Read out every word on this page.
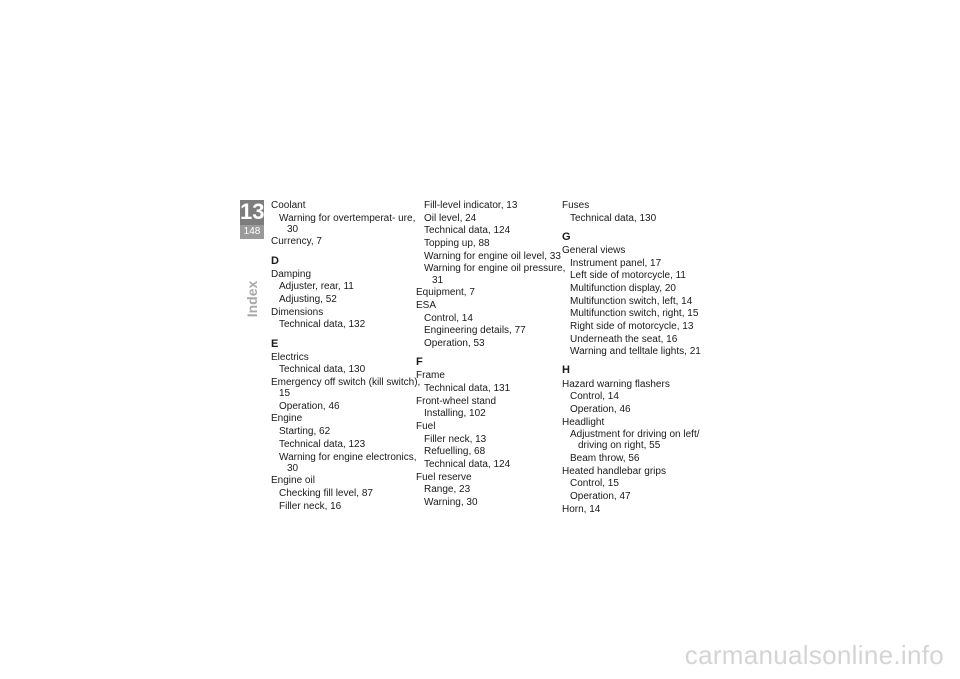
13
148
Index
Coolant
Warning for overtemperat- ure, 30
Currency, 7
D
Damping
Adjuster, rear, 11
Adjusting, 52
Dimensions
Technical data, 132
E
Electrics
Technical data, 130
Emergency off switch (kill switch), 15
Operation, 46
Engine
Starting, 62
Technical data, 123
Warning for engine electronics, 30
Engine oil
Checking fill level, 87
Filler neck, 16
Fill-level indicator, 13
Oil level, 24
Technical data, 124
Topping up, 88
Warning for engine oil level, 33
Warning for engine oil pressure, 31
Equipment, 7
ESA
Control, 14
Engineering details, 77
Operation, 53
F
Frame
Technical data, 131
Front-wheel stand
Installing, 102
Fuel
Filler neck, 13
Refuelling, 68
Technical data, 124
Fuel reserve
Range, 23
Warning, 30
Fuses
Technical data, 130
G
General views
Instrument panel, 17
Left side of motorcycle, 11
Multifunction display, 20
Multifunction switch, left, 14
Multifunction switch, right, 15
Right side of motorcycle, 13
Underneath the seat, 16
Warning and telltale lights, 21
H
Hazard warning flashers
Control, 14
Operation, 46
Headlight
Adjustment for driving on left/ driving on right, 55
Beam throw, 56
Heated handlebar grips
Control, 15
Operation, 47
Horn, 14
carmanualsonline.info
